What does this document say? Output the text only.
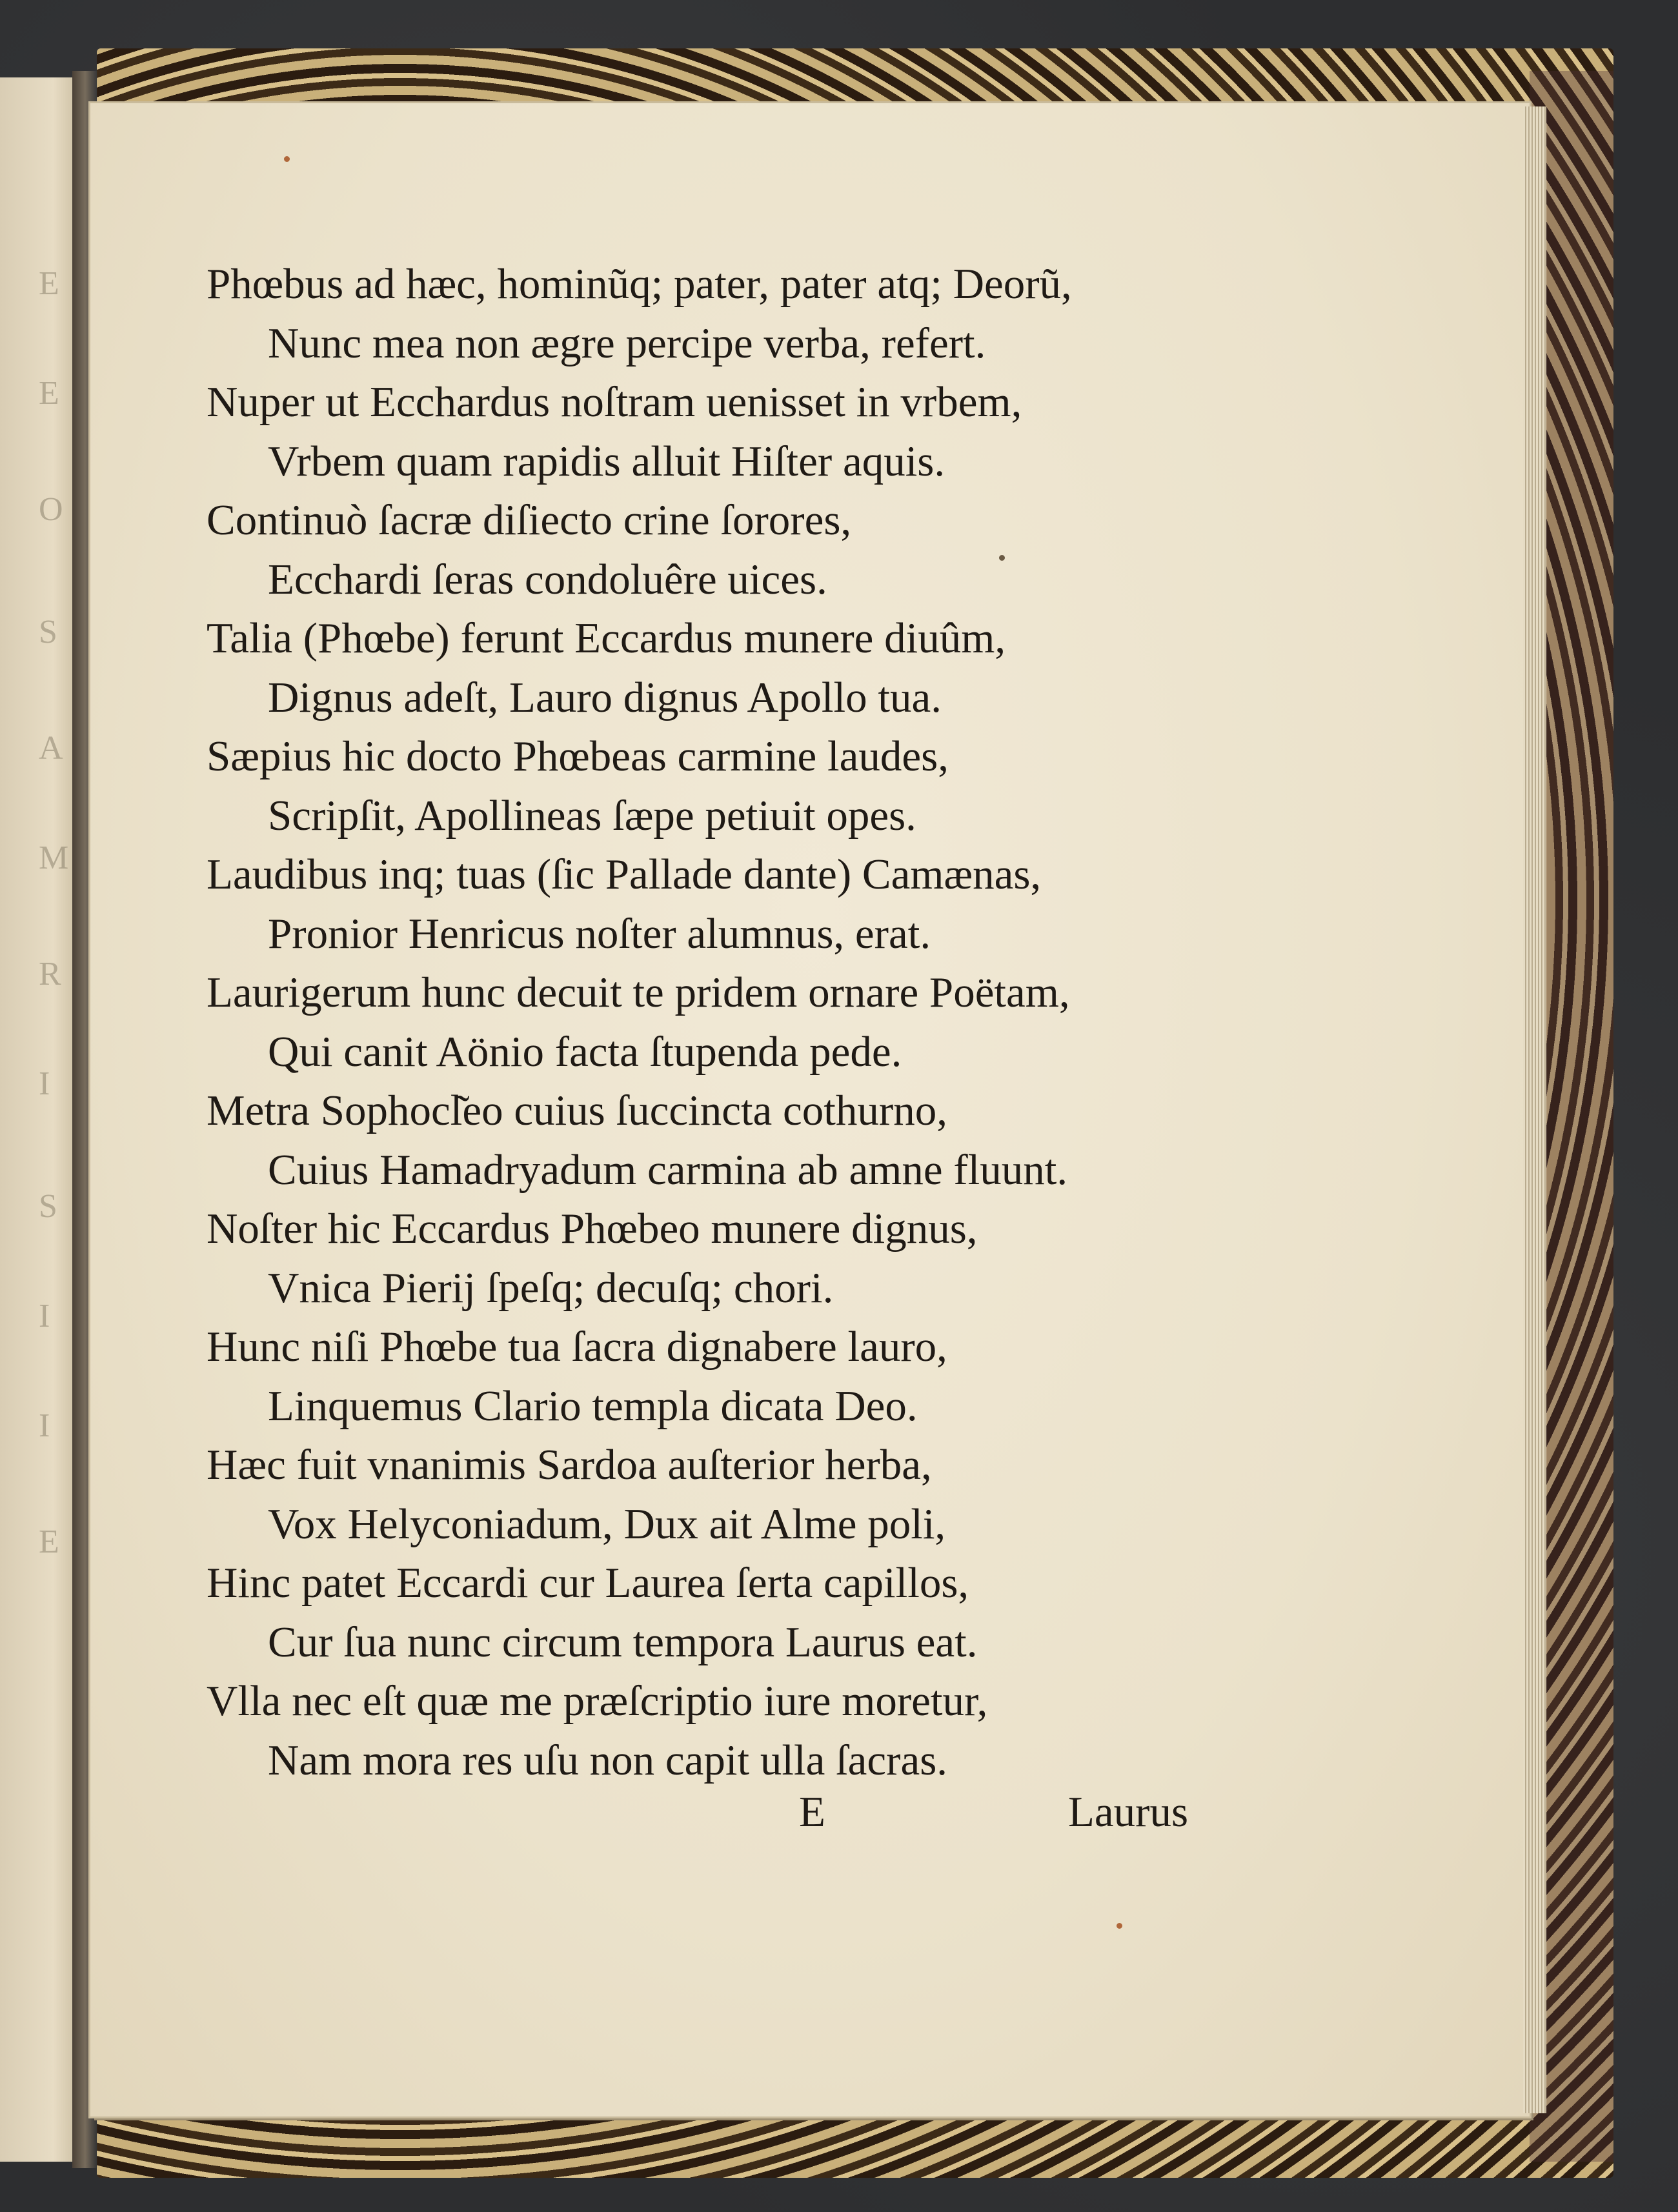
E
E
O
S
A
M
R
I
S
I
I
E
Phœbus ad hæc, hominũq; pater, pater atq; Deorũ,
Nunc mea non ægre percipe verba, refert.
Nuper ut Ecchardus noſtram uenisset in vrbem,
Vrbem quam rapidis alluit Hiſter aquis.
Continuò ſacræ diſiecto crine ſorores,
Ecchardi ſeras condoluêre uices.
Talia (Phœbe) ferunt Eccardus munere diuûm,
Dignus adeſt, Lauro dignus Apollo tua.
Sæpius hic docto Phœbeas carmine laudes,
Scripſit, Apollineas ſæpe petiuit opes.
Laudibus inq; tuas (ſic Pallade dante) Camænas,
Pronior Henricus noſter alumnus, erat.
Laurigerum hunc decuit te pridem ornare Poëtam,
Qui canit Aönio facta ſtupenda pede.
Metra Sophocl͂eo cuius ſuccincta cothurno,
Cuius Hamadryadum carmina ab amne fluunt.
Noſter hic Eccardus Phœbeo munere dignus,
Vnica Pierij ſpeſq; decuſq; chori.
Hunc niſi Phœbe tua ſacra dignabere lauro,
Linquemus Clario templa dicata Deo.
Hæc fuit vnanimis Sardoa auſterior herba,
Vox Helyconiadum, Dux ait Alme poli,
Hinc patet Eccardi cur Laurea ſerta capillos,
Cur ſua nunc circum tempora Laurus eat.
Vlla nec eſt quæ me præſcriptio iure moretur,
Nam mora res uſu non capit ulla ſacras.
E	Laurus
